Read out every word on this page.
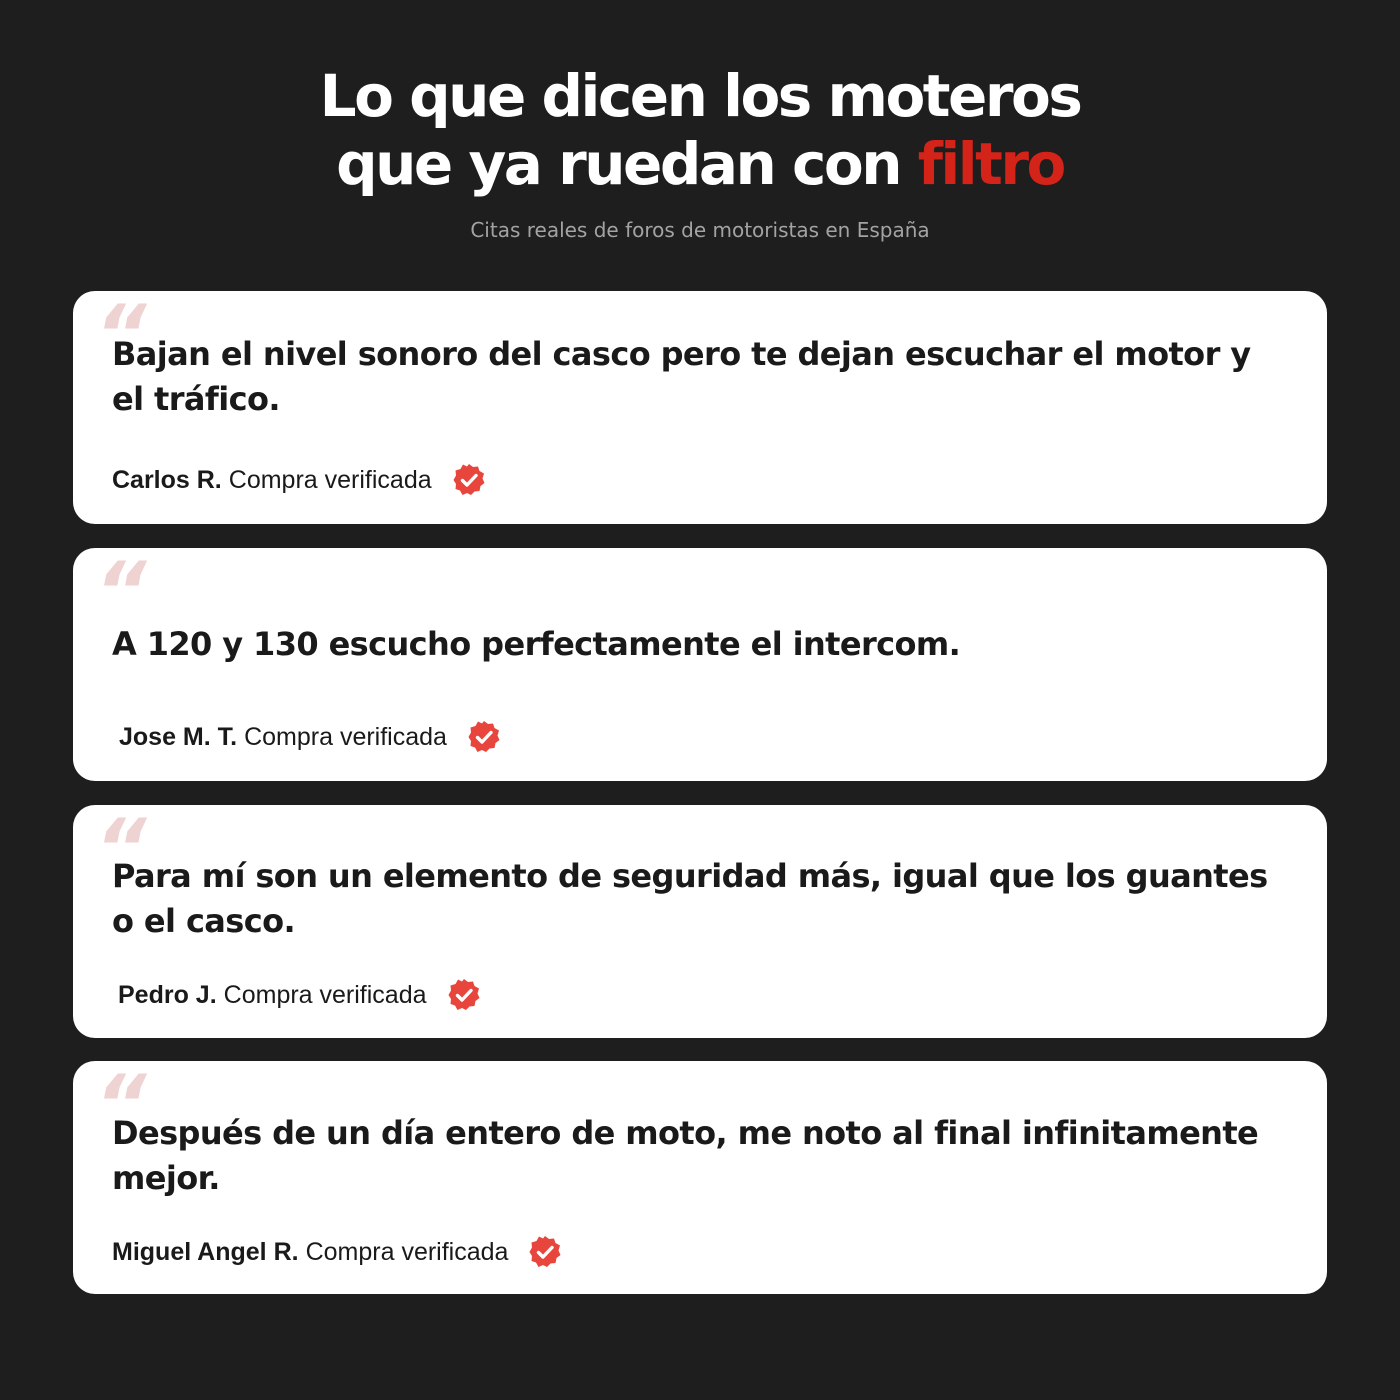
Lo que dicen los moteros
que ya ruedan con filtro

Citas reales de foros de motoristas en España

“

Bajan el nivel sonoro del casco pero te dejan escuchar el motor y el tráfico.

Carlos R. Compra verificada
“

A 120 y 130 escucho perfectamente el intercom.

Jose M. T. Compra verificada
“

Para mí son un elemento de seguridad más, igual que los guantes o el casco.

Pedro J. Compra verificada
“

Después de un día entero de moto, me noto al final infinitamente mejor.

Miguel Angel R. Compra verificada
